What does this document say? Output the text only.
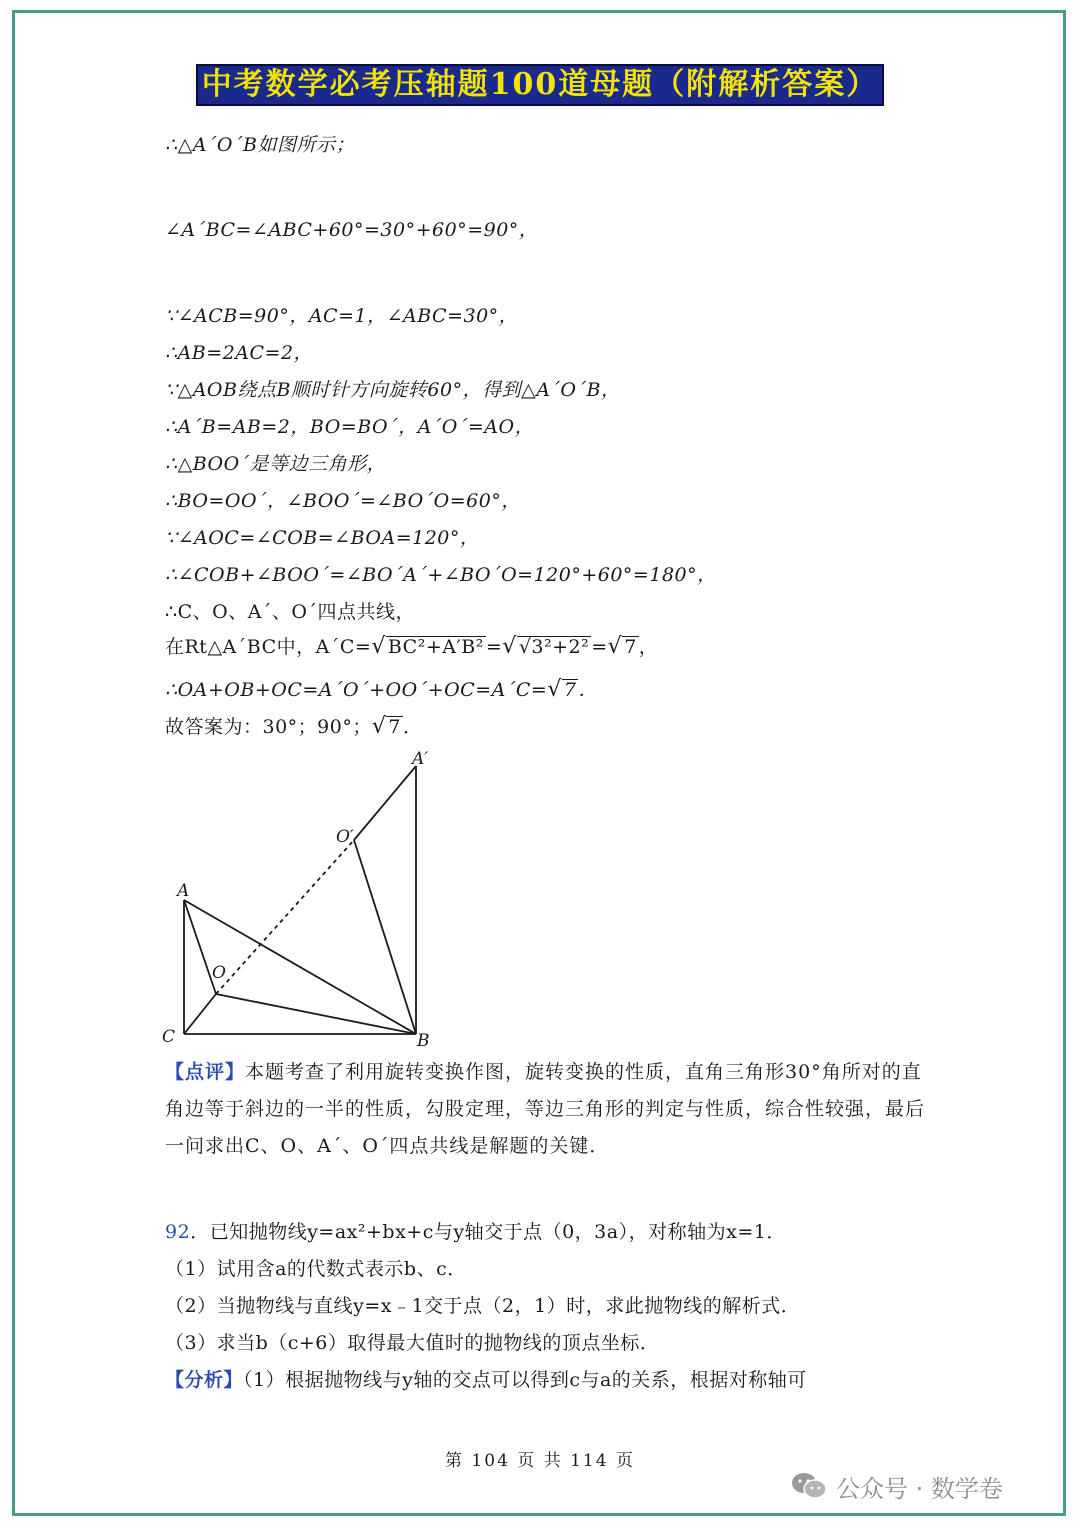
中考数学必考压轴题100道母题（附解析答案）
∴△A´O´B如图所示；
∠A´BC=∠ABC+60°=30°+60°=90°，
∵∠ACB=90°，AC=1，∠ABC=30°，
∴AB=2AC=2，
∵△AOB绕点B顺时针方向旋转60°，得到△A´O´B，
∴A´B=AB=2，BO=BO´，A´O´=AO，
∴△BOO´是等边三角形，
∴BO=OO´，∠BOO´=∠BO´O=60°，
∵∠AOC=∠COB=∠BOA=120°，
∴∠COB+∠BOO´=∠BO´A´+∠BO´O=120°+60°=180°，
∴C、O、A´、O´四点共线，
在Rt△A´BC中，A´C=√ BC²+A′B² =√ √3²+2² =√ 7 ，
∴OA+OB+OC=A´O´+OO´+OC=A´C=√ 7 ．
故答案为：30°；90°；√ 7 ．
A
C	B
O
A′
O′
【点评】本题考查了利用旋转变换作图，旋转变换的性质，直角三角形30°角所对的直角边等于斜边的一半的性质，勾股定理，等边三角形的判定与性质，综合性较强，最后一问求出C、O、A´、O´四点共线是解题的关键．
92．已知抛物线y=ax²+bx+c与y轴交于点（0，3a），对称轴为x=1．
（1）试用含a的代数式表示b、c．
（2）当抛物线与直线y=x﹣1交于点（2，1）时，求此抛物线的解析式．
（3）求当b（c+6）取得最大值时的抛物线的顶点坐标．
【分析】（1）根据抛物线与y轴的交点可以得到c与a的关系，根据对称轴可
第 104 页 共 114 页
公众号 · 数学卷
